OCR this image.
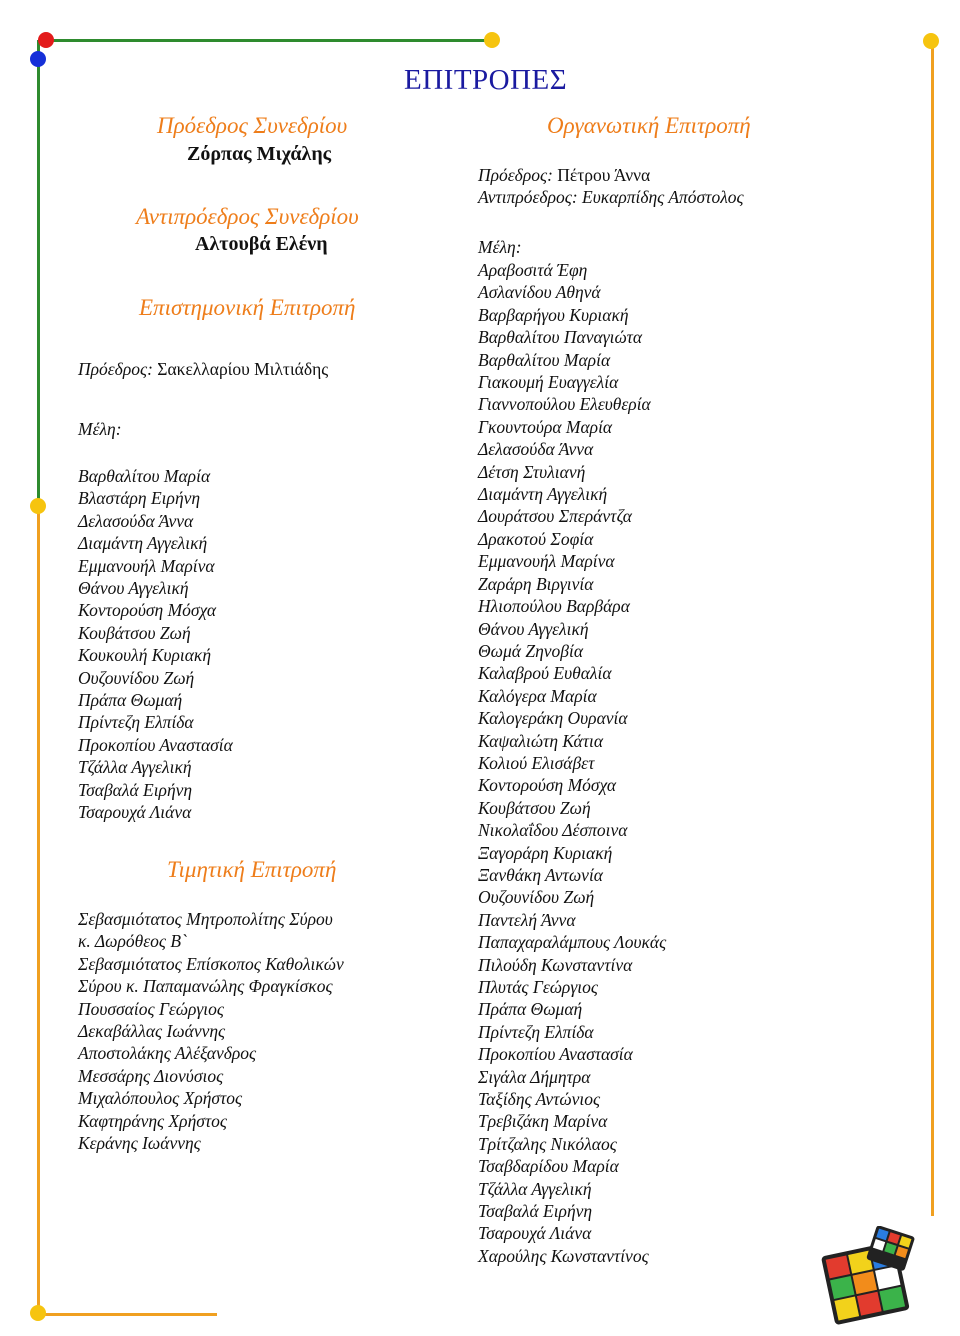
ΕΠΙΤΡΟΠΕΣ
Πρόεδρος Συνεδρίου
Ζόρπας Μιχάλης
Αντιπρόεδρος Συνεδρίου
Αλτουβά Ελένη
Επιστημονική Επιτροπή
Πρόεδρος: Σακελλαρίου Μιλτιάδης
Μέλη:
Βαρθαλίτου Μαρία
Βλαστάρη Ειρήνη
Δελασούδα Άννα
Διαμάντη Αγγελική
Εμμανουήλ Μαρίνα
Θάνου Αγγελική
Κοντορούση Μόσχα
Κουβάτσου Ζωή
Κουκουλή Κυριακή
Ουζουνίδου Ζωή
Πράπα Θωμαή
Πρίντεζη Ελπίδα
Προκοπίου Αναστασία
Τζάλλα Αγγελική
Τσαβαλά Ειρήνη
Τσαρουχά Λιάνα
Τιμητική Επιτροπή
Σεβασμιότατος Μητροπολίτης Σύρου
κ. Δωρόθεος Β`
Σεβασμιότατος Επίσκοπος Καθολικών
Σύρου κ. Παπαμανώλης Φραγκίσκος
Πουσσαίος Γεώργιος
Δεκαβάλλας Ιωάννης
Αποστολάκης Αλέξανδρος
Μεσσάρης Διονύσιος
Μιχαλόπουλος Χρήστος
Καφτηράνης Χρήστος
Κεράνης Ιωάννης
Οργανωτική Επιτροπή
Πρόεδρος: Πέτρου Άννα
Αντιπρόεδρος: Ευκαρπίδης Απόστολος
Μέλη:
Αραβοσιτά Έφη
Ασλανίδου Αθηνά
Βαρβαρήγου Κυριακή
Βαρθαλίτου Παναγιώτα
Βαρθαλίτου Μαρία
Γιακουμή Ευαγγελία
Γιαννοπούλου Ελευθερία
Γκουντούρα Μαρία
Δελασούδα Άννα
Δέτση Στυλιανή
Διαμάντη Αγγελική
Δουράτσου Σπεράντζα
Δρακοτού Σοφία
Εμμανουήλ Μαρίνα
Ζαράρη Βιργινία
Ηλιοπούλου Βαρβάρα
Θάνου Αγγελική
Θωμά Ζηνοβία
Καλαβρού Ευθαλία
Καλόγερα Μαρία
Καλογεράκη Ουρανία
Καψαλιώτη Κάτια
Κολιού Ελισάβετ
Κοντορούση Μόσχα
Κουβάτσου Ζωή
Νικολαΐδου Δέσποινα
Ξαγοράρη Κυριακή
Ξανθάκη Αντωνία
Ουζουνίδου Ζωή
Παντελή Άννα
Παπαχαραλάμπους Λουκάς
Πιλούδη Κωνσταντίνα
Πλυτάς Γεώργιος
Πράπα Θωμαή
Πρίντεζη Ελπίδα
Προκοπίου Αναστασία
Σιγάλα Δήμητρα
Ταξίδης Αντώνιος
Τρεβιζάκη Μαρίνα
Τρίτζαλης Νικόλαος
Τσαβδαρίδου Μαρία
Τζάλλα Αγγελική
Τσαβαλά Ειρήνη
Τσαρουχά Λιάνα
Χαρούλης Κωνσταντίνος
